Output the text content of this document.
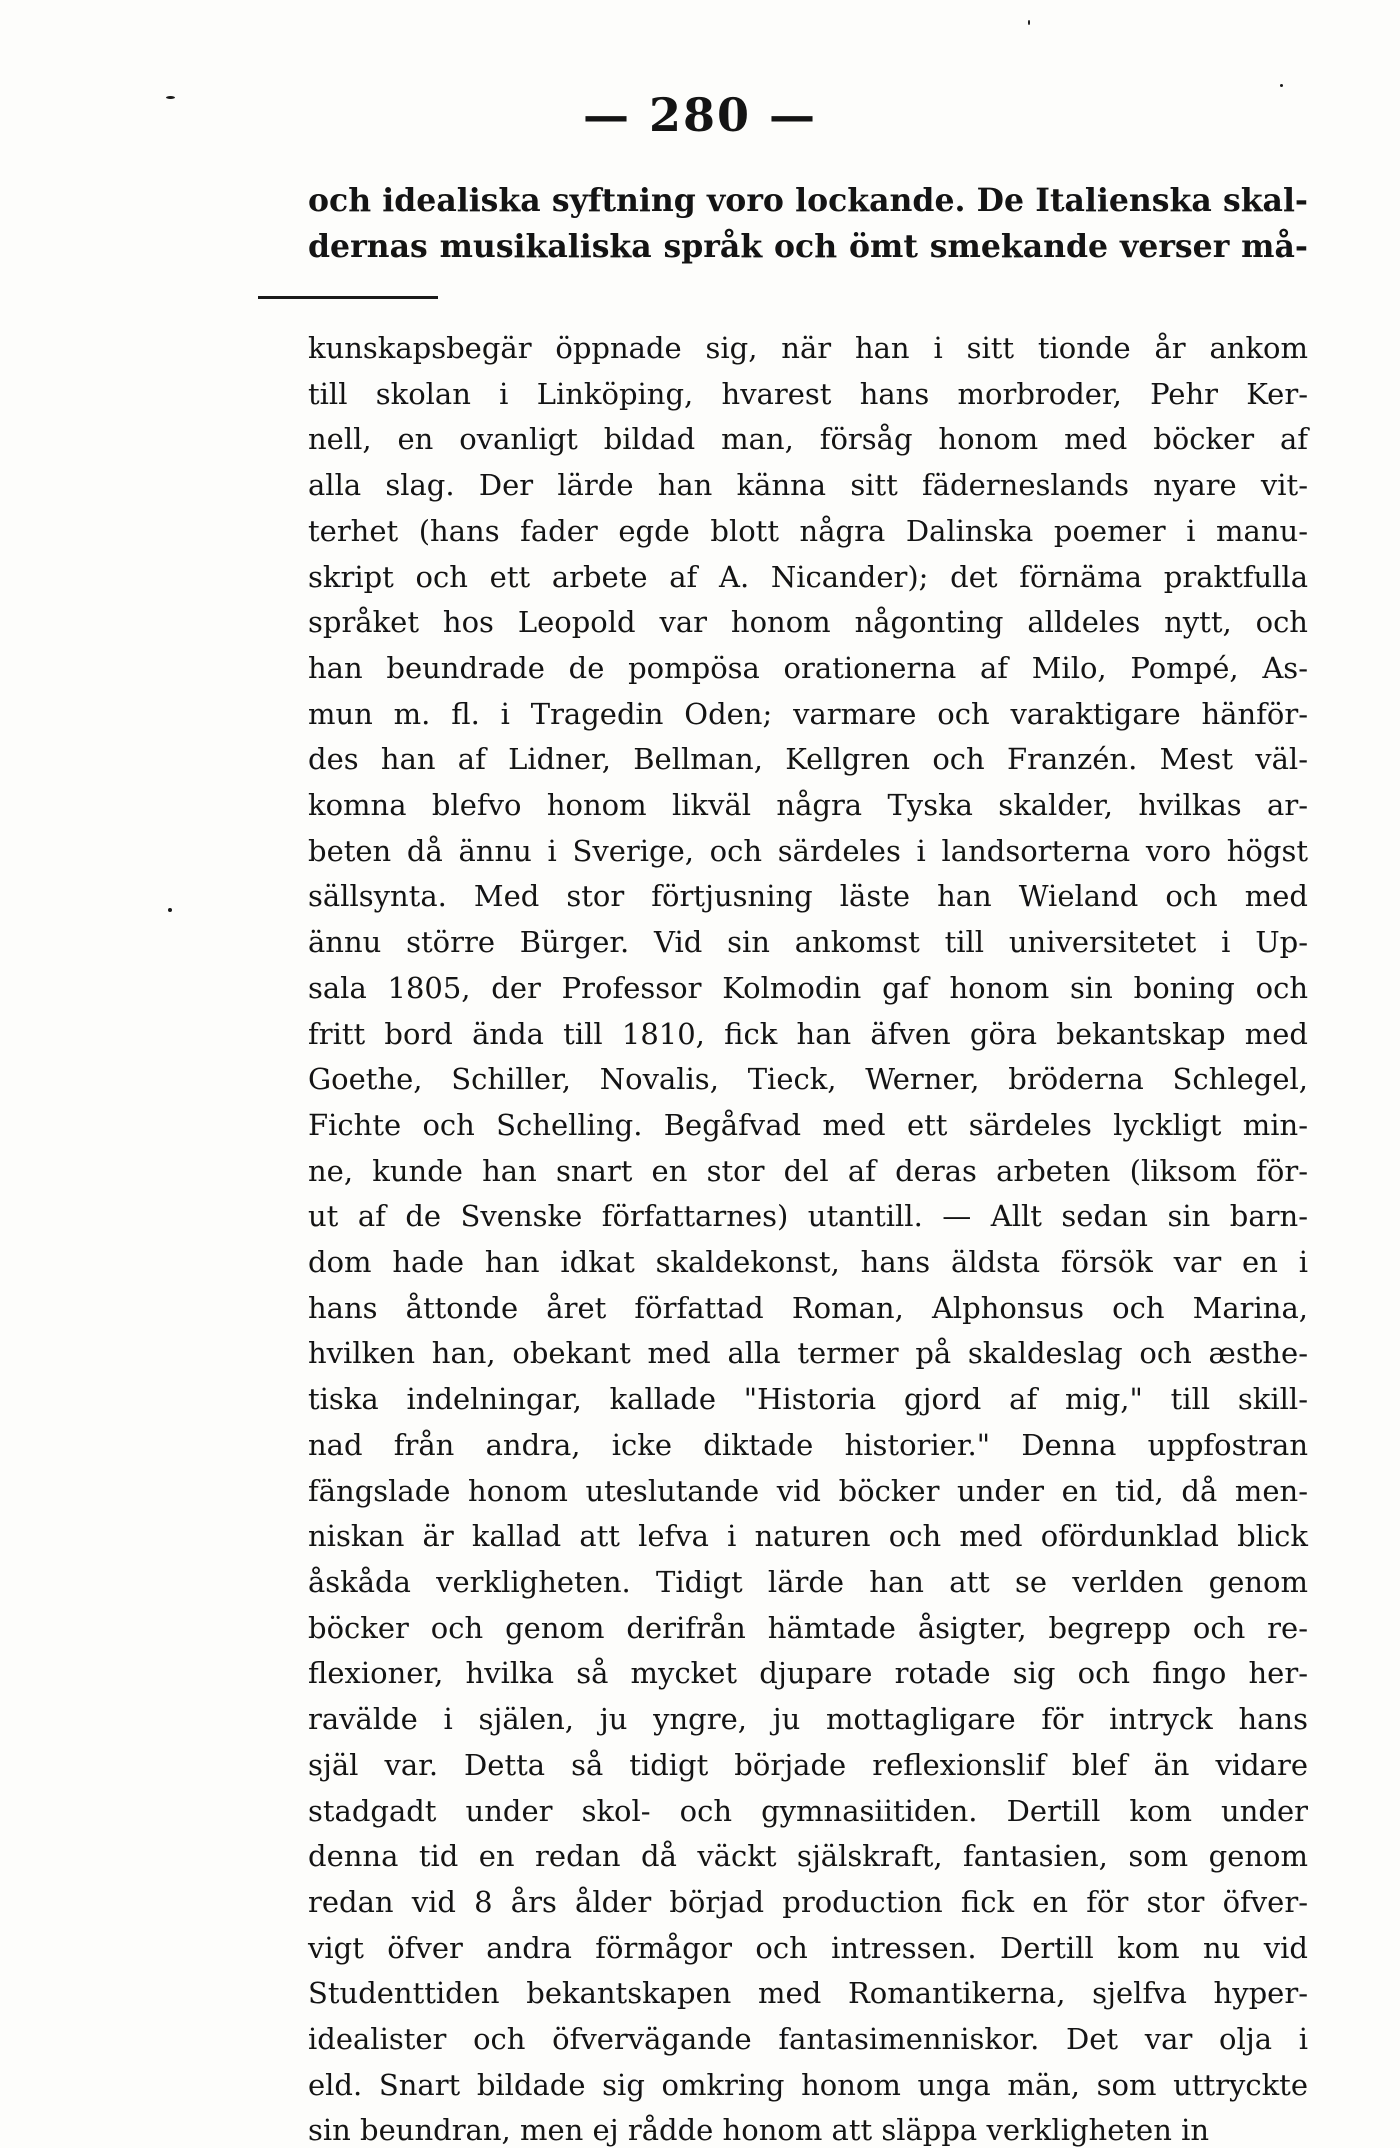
— 280 —
och idealiska syftning voro lockande. De Italienska skal-
dernas musikaliska språk och ömt smekande verser må-
kunskapsbegär öppnade sig, när han i sitt tionde år ankom
till skolan i Linköping, hvarest hans morbroder, Pehr Ker-
nell, en ovanligt bildad man, försåg honom med böcker af
alla slag. Der lärde han känna sitt fäderneslands nyare vit-
terhet (hans fader egde blott några Dalinska poemer i manu-
skript och ett arbete af A. Nicander); det förnäma praktfulla
språket hos Leopold var honom någonting alldeles nytt, och
han beundrade de pompösa orationerna af Milo, Pompé, As-
mun m. fl. i Tragedin Oden; varmare och varaktigare hänför-
des han af Lidner, Bellman, Kellgren och Franzén. Mest väl-
komna blefvo honom likväl några Tyska skalder, hvilkas ar-
beten då ännu i Sverige, och särdeles i landsorterna voro högst
sällsynta. Med stor förtjusning läste han Wieland och med
ännu större Bürger. Vid sin ankomst till universitetet i Up-
sala 1805, der Professor Kolmodin gaf honom sin boning och
fritt bord ända till 1810, fick han äfven göra bekantskap med
Goethe, Schiller, Novalis, Tieck, Werner, bröderna Schlegel,
Fichte och Schelling. Begåfvad med ett särdeles lyckligt min-
ne, kunde han snart en stor del af deras arbeten (liksom för-
ut af de Svenske författarnes) utantill. — Allt sedan sin barn-
dom hade han idkat skaldekonst, hans äldsta försök var en i
hans åttonde året författad Roman, Alphonsus och Marina,
hvilken han, obekant med alla termer på skaldeslag och æsthe-
tiska indelningar, kallade "Historia gjord af mig," till skill-
nad från andra, icke diktade historier." Denna uppfostran
fängslade honom uteslutande vid böcker under en tid, då men-
niskan är kallad att lefva i naturen och med ofördunklad blick
åskåda verkligheten. Tidigt lärde han att se verlden genom
böcker och genom derifrån hämtade åsigter, begrepp och re-
flexioner, hvilka så mycket djupare rotade sig och fingo her-
ravälde i själen, ju yngre, ju mottagligare för intryck hans
själ var. Detta så tidigt började reflexionslif blef än vidare
stadgadt under skol- och gymnasiitiden. Dertill kom under
denna tid en redan då väckt själskraft, fantasien, som genom
redan vid 8 års ålder börjad production fick en för stor öfver-
vigt öfver andra förmågor och intressen. Dertill kom nu vid
Studenttiden bekantskapen med Romantikerna, sjelfva hyper-
idealister och öfvervägande fantasimenniskor. Det var olja i
eld. Snart bildade sig omkring honom unga män, som uttryckte
sin beundran, men ej rådde honom att släppa verkligheten in
